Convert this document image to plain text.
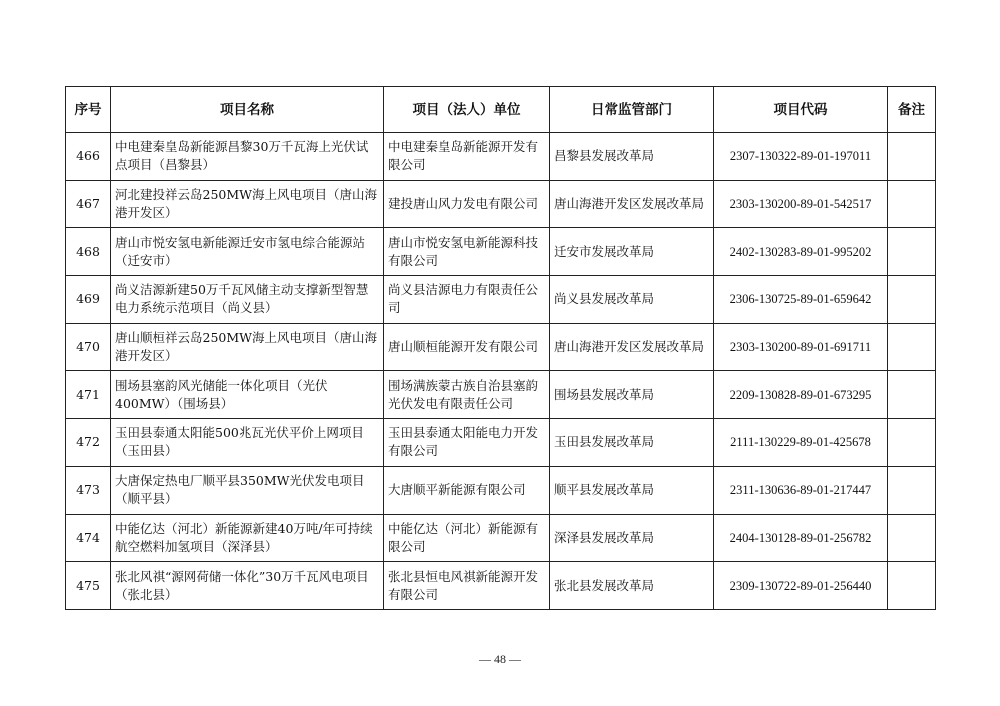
序号	项目名称	项目（法人）单位	日常监管部门	项目代码	备注
466	中电建秦皇岛新能源昌黎30万千瓦海上光伏试点项目（昌黎县）	中电建秦皇岛新能源开发有限公司	昌黎县发展改革局	2307-130322-89-01-197011	
467	河北建投祥云岛250MW海上风电项目（唐山海港开发区）	建投唐山风力发电有限公司	唐山海港开发区发展改革局	2303-130200-89-01-542517	
468	唐山市悦安氢电新能源迁安市氢电综合能源站（迁安市）	唐山市悦安氢电新能源科技有限公司	迁安市发展改革局	2402-130283-89-01-995202	
469	尚义洁源新建50万千瓦风储主动支撑新型智慧电力系统示范项目（尚义县）	尚义县洁源电力有限责任公司	尚义县发展改革局	2306-130725-89-01-659642	
470	唐山顺桓祥云岛250MW海上风电项目（唐山海港开发区）	唐山顺桓能源开发有限公司	唐山海港开发区发展改革局	2303-130200-89-01-691711	
471	围场县塞韵风光储能一体化项目（光伏400MW）（围场县）	围场满族蒙古族自治县塞韵光伏发电有限责任公司	围场县发展改革局	2209-130828-89-01-673295	
472	玉田县泰通太阳能500兆瓦光伏平价上网项目（玉田县）	玉田县泰通太阳能电力开发有限公司	玉田县发展改革局	2111-130229-89-01-425678	
473	大唐保定热电厂顺平县350MW光伏发电项目（顺平县）	大唐顺平新能源有限公司	顺平县发展改革局	2311-130636-89-01-217447	
474	中能亿达（河北）新能源新建40万吨/年可持续航空燃料加氢项目（深泽县）	中能亿达（河北）新能源有限公司	深泽县发展改革局	2404-130128-89-01-256782	
475	张北风祺“源网荷储一体化”30万千瓦风电项目（张北县）	张北县恒电风祺新能源开发有限公司	张北县发展改革局	2309-130722-89-01-256440	
— 48 —
